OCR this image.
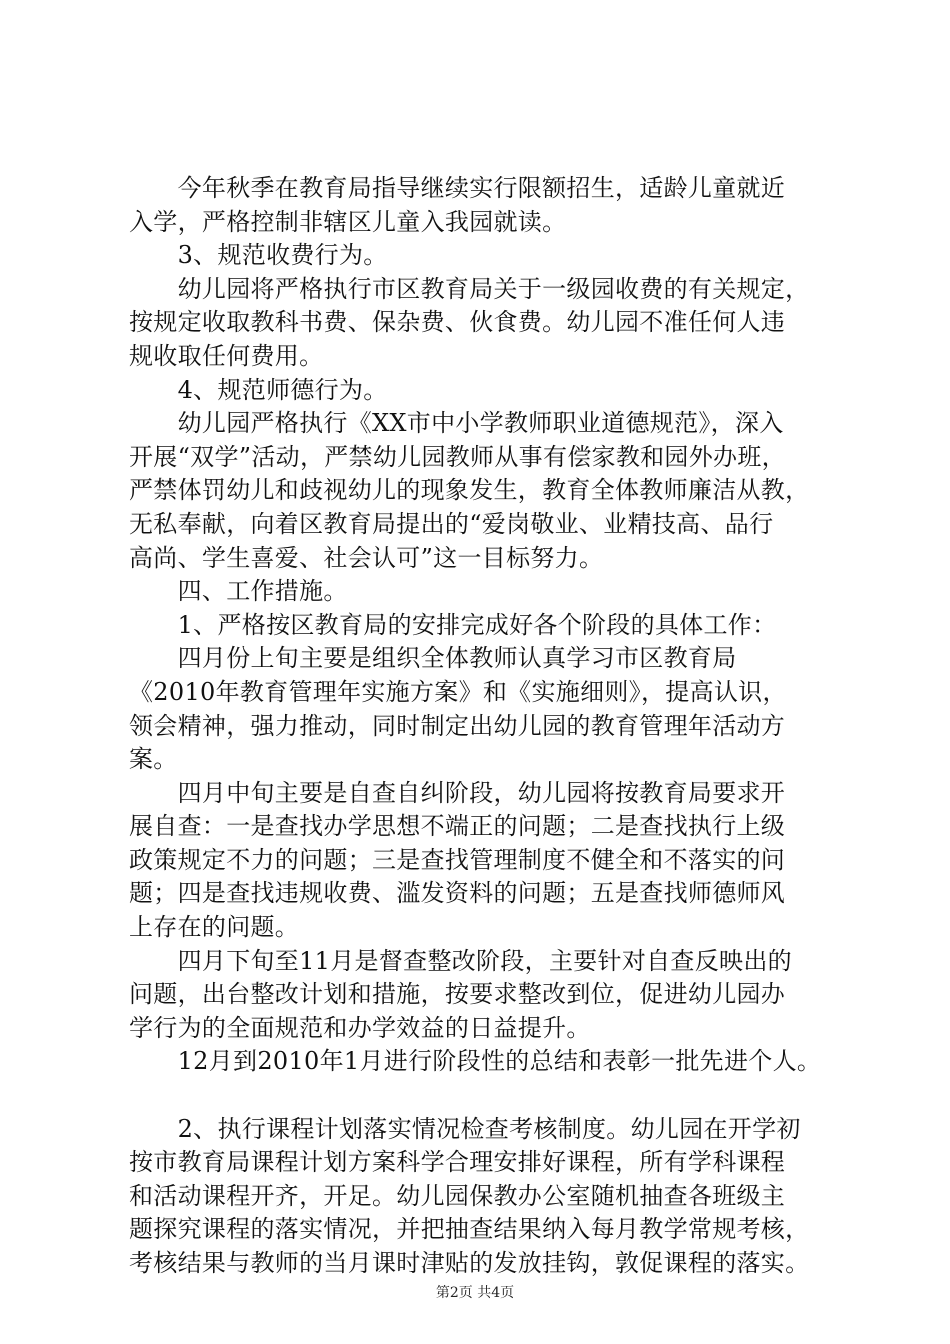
　　今年秋季在教育局指导继续实行限额招生，适龄儿童就近
入学，严格控制非辖区儿童入我园就读。
　　3、规范收费行为。
　　幼儿园将严格执行市区教育局关于一级园收费的有关规定，
按规定收取教科书费、保杂费、伙食费。幼儿园不准任何人违
规收取任何费用。
　　4、规范师德行为。
　　幼儿园严格执行《XX市中小学教师职业道德规范》，深入
开展“双学”活动，严禁幼儿园教师从事有偿家教和园外办班，
严禁体罚幼儿和歧视幼儿的现象发生，教育全体教师廉洁从教，
无私奉献，向着区教育局提出的“爱岗敬业、业精技高、品行
高尚、学生喜爱、社会认可”这一目标努力。
　　四、工作措施。
　　1、严格按区教育局的安排完成好各个阶段的具体工作：
　　四月份上旬主要是组织全体教师认真学习市区教育局
《2010年教育管理年实施方案》和《实施细则》，提高认识，
领会精神，强力推动，同时制定出幼儿园的教育管理年活动方
案。
　　四月中旬主要是自查自纠阶段，幼儿园将按教育局要求开
展自查：一是查找办学思想不端正的问题；二是查找执行上级
政策规定不力的问题；三是查找管理制度不健全和不落实的问
题；四是查找违规收费、滥发资料的问题；五是查找师德师风
上存在的问题。
　　四月下旬至11月是督查整改阶段，主要针对自查反映出的
问题，出台整改计划和措施，按要求整改到位，促进幼儿园办
学行为的全面规范和办学效益的日益提升。
　　12月到2010年1月进行阶段性的总结和表彰一批先进个人。
　　2、执行课程计划落实情况检查考核制度。幼儿园在开学初
按市教育局课程计划方案科学合理安排好课程，所有学科课程
和活动课程开齐，开足。幼儿园保教办公室随机抽查各班级主
题探究课程的落实情况，并把抽查结果纳入每月教学常规考核，
考核结果与教师的当月课时津贴的发放挂钩，敦促课程的落实。
第2页 共4页
